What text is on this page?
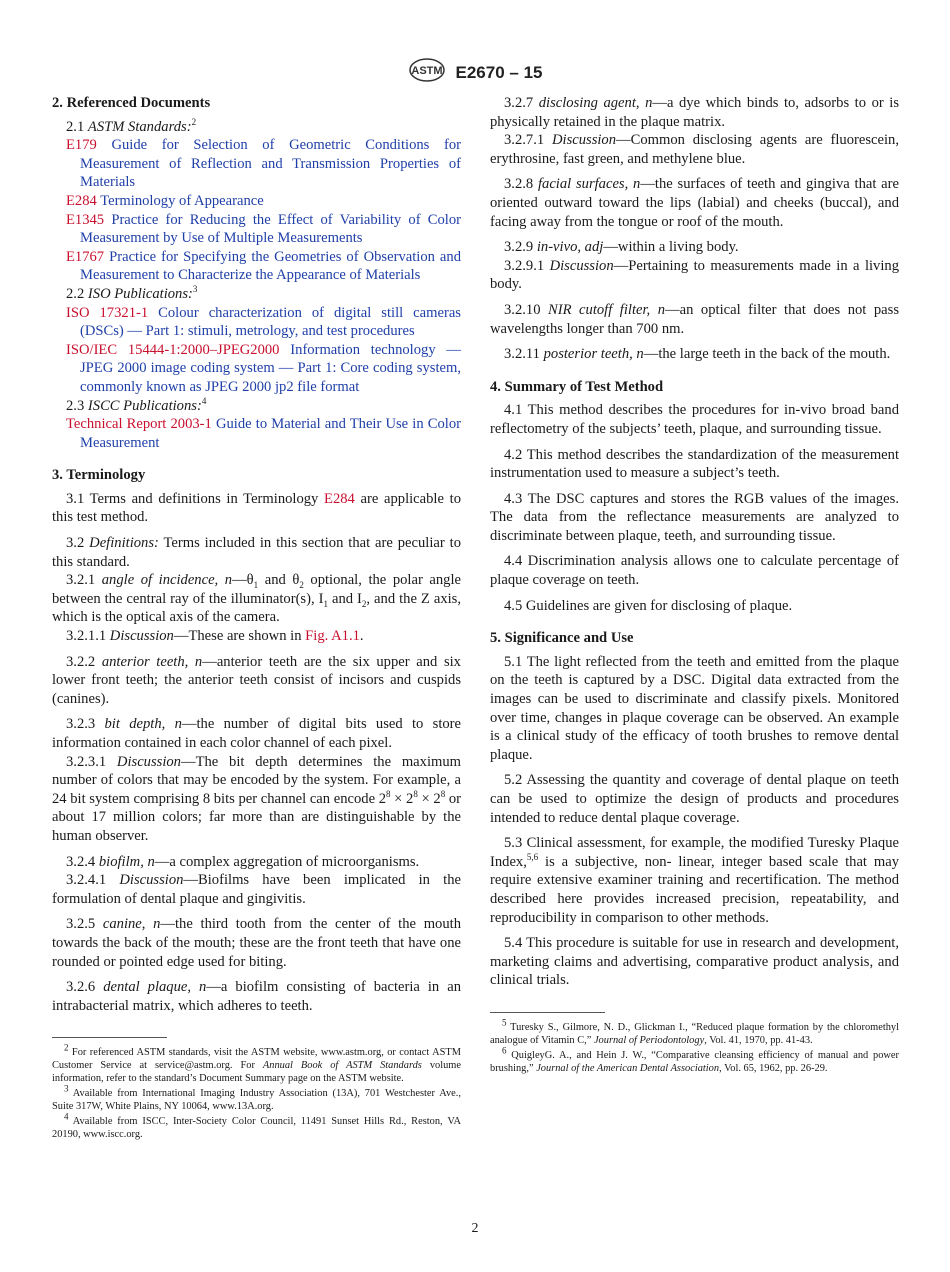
ASTM E2670 – 15

2. Referenced Documents

2.1 ASTM Standards:$^2$

E179 Guide for Selection of Geometric Conditions for Measurement of Reflection and Transmission Properties of Materials

E284 Terminology of Appearance

E1345 Practice for Reducing the Effect of Variability of Color Measurement by Use of Multiple Measurements

E1767 Practice for Specifying the Geometries of Observation and Measurement to Characterize the Appearance of Materials

2.2 ISO Publications:$^3$

ISO 17321-1 Colour characterization of digital still cameras (DSCs) — Part 1: stimuli, metrology, and test procedures

ISO/IEC 15444-1:2000–JPEG2000 Information technology — JPEG 2000 image coding system — Part 1: Core coding system, commonly known as JPEG 2000 jp2 file format

2.3 ISCC Publications:$^4$

Technical Report 2003-1 Guide to Material and Their Use in Color Measurement

3. Terminology

3.1 Terms and definitions in Terminology E284 are applicable to this test method.

3.2 Definitions: Terms included in this section that are peculiar to this standard.

3.2.1 angle of incidence, $n—\theta_1$ and $\theta_2$ optional, the polar angle between the central ray of the illuminator(s), $I_1$ and $I_2$, and the Z axis, which is the optical axis of the camera.

3.2.1.1 Discussion—These are shown in Fig. A1.1.

3.2.2 anterior teeth, n—anterior teeth are the six upper and six lower front teeth; the anterior teeth consist of incisors and cuspids (canines).

3.2.3 bit depth, n—the number of digital bits used to store information contained in each color channel of each pixel.

3.2.3.1 Discussion—The bit depth determines the maximum number of colors that may be encoded by the system. For example, a 24 bit system comprising 8 bits per channel can encode $2^8 \times 2^8 \times 2^8$ or about 17 million colors; far more than are distinguishable by the human observer.

3.2.4 biofilm, n—a complex aggregation of microorganisms.

3.2.4.1 Discussion—Biofilms have been implicated in the formulation of dental plaque and gingivitis.

3.2.5 canine, n—the third tooth from the center of the mouth towards the back of the mouth; these are the front teeth that have one rounded or pointed edge used for biting.

3.2.6 dental plaque, n—a biofilm consisting of bacteria in an intrabacterial matrix, which adheres to teeth.

$^2$ For referenced ASTM standards, visit the ASTM website, www.astm.org, or contact ASTM Customer Service at service@astm.org. For Annual Book of ASTM Standards volume information, refer to the standard’s Document Summary page on the ASTM website.

$^3$ Available from International Imaging Industry Association (13A), 701 Westchester Ave., Suite 317W, White Plains, NY 10064, www.13A.org.

$^4$ Available from ISCC, Inter-Society Color Council, 11491 Sunset Hills Rd., Reston, VA 20190, www.iscc.org.

3.2.7 disclosing agent, n—a dye which binds to, adsorbs to or is physically retained in the plaque matrix.

3.2.7.1 Discussion—Common disclosing agents are fluorescein, erythrosine, fast green, and methylene blue.

3.2.8 facial surfaces, n—the surfaces of teeth and gingiva that are oriented outward toward the lips (labial) and cheeks (buccal), and facing away from the tongue or roof of the mouth.

3.2.9 in-vivo, adj—within a living body.

3.2.9.1 Discussion—Pertaining to measurements made in a living body.

3.2.10 NIR cutoff filter, n—an optical filter that does not pass wavelengths longer than 700 nm.

3.2.11 posterior teeth, n—the large teeth in the back of the mouth.

4. Summary of Test Method

4.1 This method describes the procedures for in-vivo broad band reflectometry of the subjects’ teeth, plaque, and surrounding tissue.

4.2 This method describes the standardization of the measurement instrumentation used to measure a subject’s teeth.

4.3 The DSC captures and stores the RGB values of the images. The data from the reflectance measurements are analyzed to discriminate between plaque, teeth, and surrounding tissue.

4.4 Discrimination analysis allows one to calculate percentage of plaque coverage on teeth.

4.5 Guidelines are given for disclosing of plaque.

5. Significance and Use

5.1 The light reflected from the teeth and emitted from the plaque on the teeth is captured by a DSC. Digital data extracted from the images can be used to discriminate and classify pixels. Monitored over time, changes in plaque coverage can be observed. An example is a clinical study of the efficacy of tooth brushes to remove dental plaque.

5.2 Assessing the quantity and coverage of dental plaque on teeth can be used to optimize the design of products and procedures intended to reduce dental plaque coverage.

5.3 Clinical assessment, for example, the modified Turesky Plaque Index,$^{5,6}$ is a subjective, non- linear, integer based scale that may require extensive examiner training and recertification. The method described here provides increased precision, repeatability, and reproducibility in comparison to other methods.

5.4 This procedure is suitable for use in research and development, marketing claims and advertising, comparative product analysis, and clinical trials.

$^5$ Turesky S., Gilmore, N. D., Glickman I., “Reduced plaque formation by the chloromethyl analogue of Vitamin C,” Journal of Periodontology, Vol. 41, 1970, pp. 41-43.

$^6$ QuigleyG. A., and Hein J. W., “Comparative cleansing efficiency of manual and power brushing,” Journal of the American Dental Association, Vol. 65, 1962, pp. 26-29.

2
